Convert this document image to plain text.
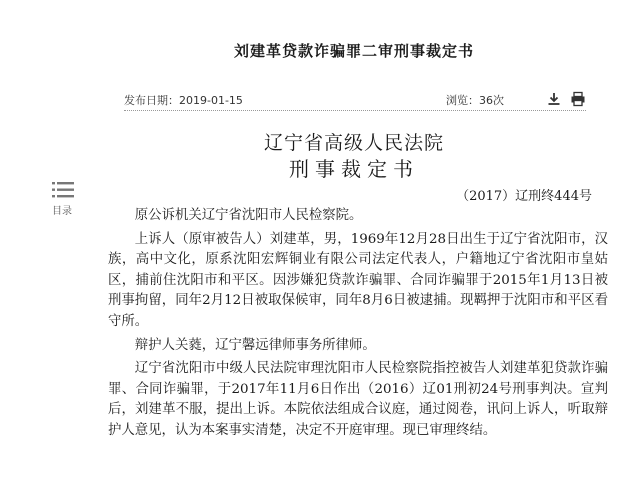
目录
刘建革贷款诈骗罪二审刑事裁定书
发布日期：2019-01-15	浏览：36次
辽宁省高级人民法院
刑事裁定书
（2017）辽刑终444号

原公诉机关辽宁省沈阳市人民检察院。

上诉人（原审被告人）刘建革，男，1969年12月28日出生于辽宁省沈阳市，汉族，高中文化，原系沈阳宏辉铜业有限公司法定代表人，户籍地辽宁省沈阳市皇姑区，捕前住沈阳市和平区。因涉嫌犯贷款诈骗罪、合同诈骗罪于2015年1月13日被刑事拘留，同年2月12日被取保候审，同年8月6日被逮捕。现羁押于沈阳市和平区看守所。

辩护人关蕤，辽宁馨远律师事务所律师。

辽宁省沈阳市中级人民法院审理沈阳市人民检察院指控被告人刘建革犯贷款诈骗罪、合同诈骗罪，于2017年11月6日作出（2016）辽01刑初24号刑事判决。宣判后，刘建革不服，提出上诉。本院依法组成合议庭，通过阅卷，讯问上诉人，听取辩护人意见，认为本案事实清楚，决定不开庭审理。现已审理终结。
